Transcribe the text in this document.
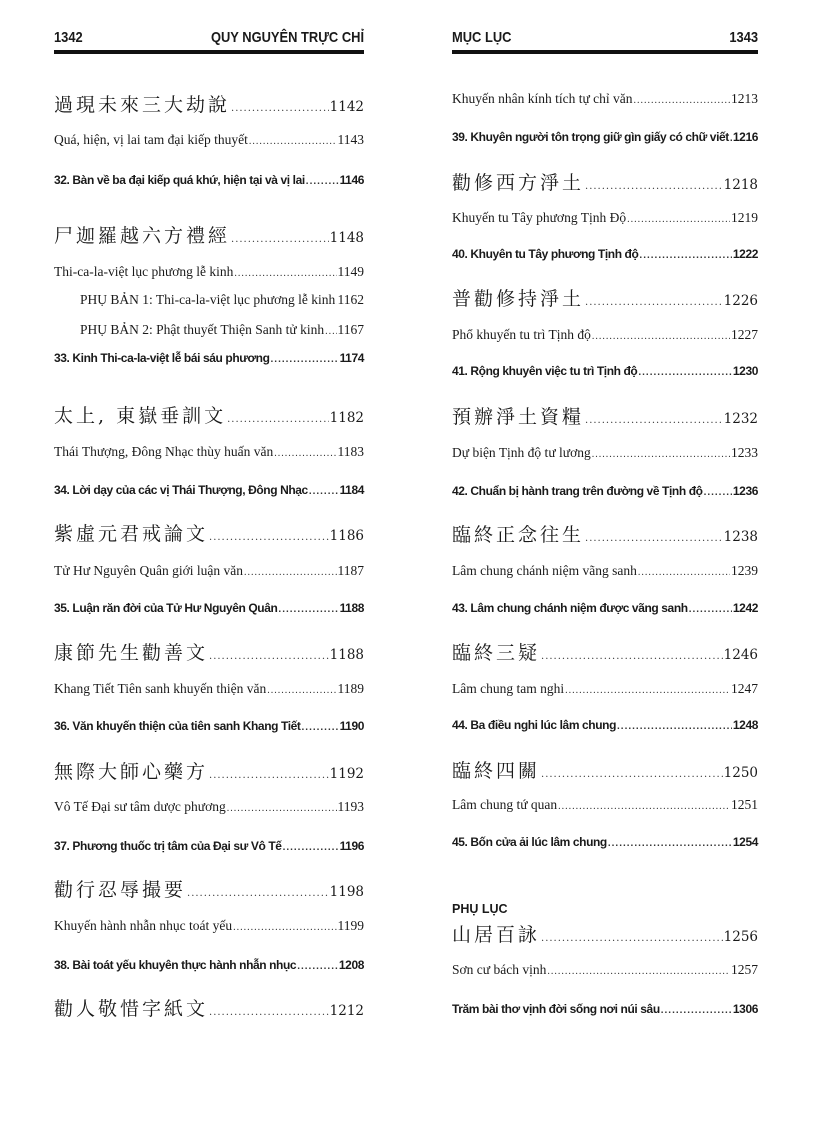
1342	QUY NGUYÊN TRỰC CHỈ
過現未來三大劫說 .....	1142
Quá, hiện, vị lai tam đại kiếp thuyết .....	1143
32. Bàn về ba đại kiếp quá khứ, hiện tại và vị lai .....	1146
尸迦羅越六方禮經 .....	1148
Thi-ca-la-việt lục phương lễ kinh .....	1149
PHỤ BẢN 1: Thi-ca-la-việt lục phương lễ kinh ..... 1162
PHỤ BẢN 2: Phật thuyết Thiện Sanh tử kinh ..... 1167
33. Kinh Thi-ca-la-việt lễ bái sáu phương .....	1174
太上, 東嶽垂訓文 .....	1182
Thái Thượng, Đông Nhạc thùy huấn văn .....	1183
34. Lời dạy của các vị Thái Thượng, Đông Nhạc .....	1184
紫虛元君戒論文 .....	1186
Tử Hư Nguyên Quân giới luận văn .....	1187
35. Luận răn đời của Tử Hư Nguyên Quân .....	1188
康節先生勸善文 .....	1188
Khang Tiết Tiên sanh khuyến thiện văn .....	1189
36. Văn khuyến thiện của tiên sanh Khang Tiết .....	1190
無際大師心藥方 .....	1192
Vô Tế Đại sư tâm dược phương .....	1193
37. Phương thuốc trị tâm của Đại sư Vô Tế .....	1196
勸行忍辱撮要 .....	1198
Khuyến hành nhẫn nhục toát yếu .....	1199
38. Bài toát yếu khuyên thực hành nhẫn nhục .....	1208
勸人敬惜字紙文 .....	1212
MỤC LỤC	1343
Khuyến nhân kính tích tự chỉ văn .....	1213
39. Khuyên người tôn trọng giữ gìn giấy có chữ viết ..... 1216
勸修西方淨土 .....	1218
Khuyến tu Tây phương Tịnh Độ .....	1219
40. Khuyên tu Tây phương Tịnh độ .....	1222
普勸修持淨土 .....	1226
Phổ khuyến tu trì Tịnh độ .....	1227
41. Rộng khuyên việc tu trì Tịnh độ .....	1230
預辦淨土資糧 .....	1232
Dự biện Tịnh độ tư lương .....	1233
42. Chuẩn bị hành trang trên đường về Tịnh độ .....	1236
臨終正念往生 .....	1238
Lâm chung chánh niệm vãng sanh .....	1239
43. Lâm chung chánh niệm được vãng sanh .....	1242
臨終三疑 .....	1246
Lâm chung tam nghi .....	1247
44. Ba điều nghi lúc lâm chung .....	1248
臨終四關 .....	1250
Lâm chung tứ quan .....	1251
45. Bốn cửa ải lúc lâm chung .....	1254
PHỤ LỤC
山居百詠 .....	1256
Sơn cư bách vịnh .....	1257
Trăm bài thơ vịnh đời sống nơi núi sâu .....	1306
